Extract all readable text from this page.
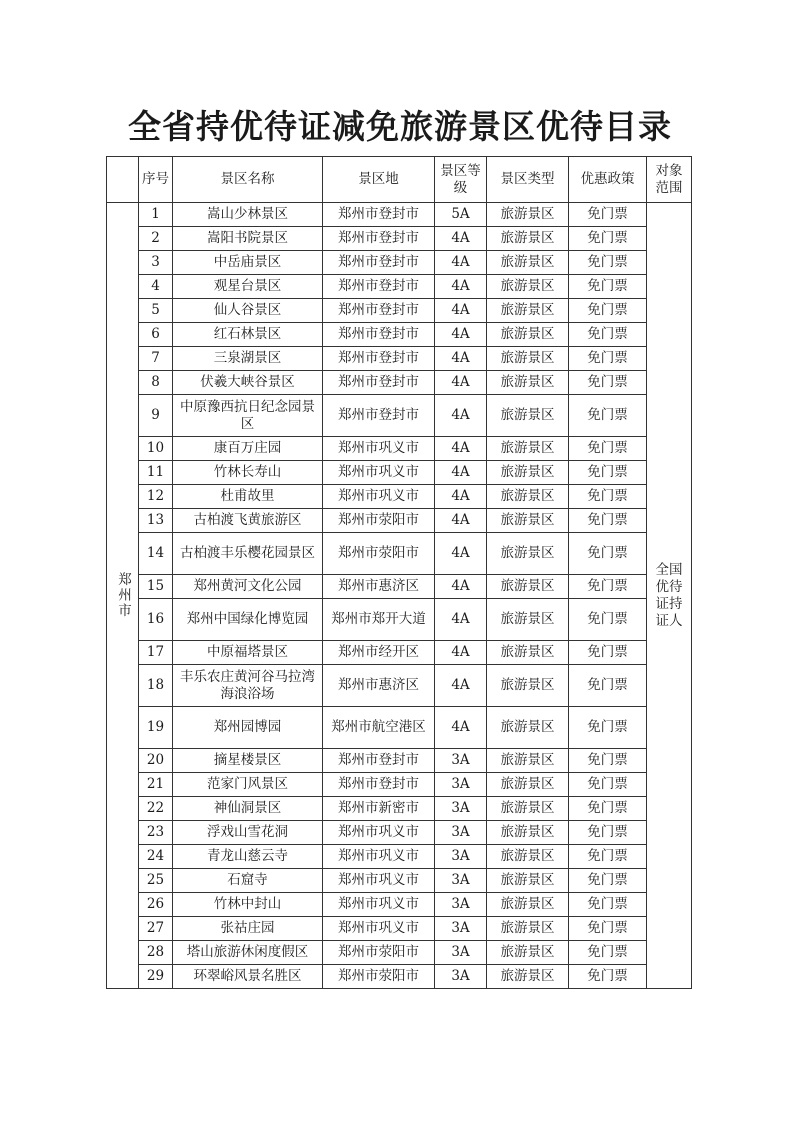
全省持优待证减免旅游景区优待目录
	序号	景区名称	景区地	景区等级	景区类型	优惠政策	对象范围
郑州市	1	嵩山少林景区	郑州市登封市	5A	旅游景区	免门票	全国优待证持证人
	2	嵩阳书院景区	郑州市登封市	4A	旅游景区	免门票	
	3	中岳庙景区	郑州市登封市	4A	旅游景区	免门票	
	4	观星台景区	郑州市登封市	4A	旅游景区	免门票	
	5	仙人谷景区	郑州市登封市	4A	旅游景区	免门票	
	6	红石林景区	郑州市登封市	4A	旅游景区	免门票	
	7	三泉湖景区	郑州市登封市	4A	旅游景区	免门票	
	8	伏羲大峡谷景区	郑州市登封市	4A	旅游景区	免门票	
	9	中原豫西抗日纪念园景区	郑州市登封市	4A	旅游景区	免门票	
	10	康百万庄园	郑州市巩义市	4A	旅游景区	免门票	
	11	竹林长寿山	郑州市巩义市	4A	旅游景区	免门票	
	12	杜甫故里	郑州市巩义市	4A	旅游景区	免门票	
	13	古柏渡飞黄旅游区	郑州市荥阳市	4A	旅游景区	免门票	
	14	古柏渡丰乐樱花园景区	郑州市荥阳市	4A	旅游景区	免门票	
	15	郑州黄河文化公园	郑州市惠济区	4A	旅游景区	免门票	
	16	郑州中国绿化博览园	郑州市郑开大道	4A	旅游景区	免门票	
	17	中原福塔景区	郑州市经开区	4A	旅游景区	免门票	
	18	丰乐农庄黄河谷马拉湾海浪浴场	郑州市惠济区	4A	旅游景区	免门票	
	19	郑州园博园	郑州市航空港区	4A	旅游景区	免门票	
	20	摘星楼景区	郑州市登封市	3A	旅游景区	免门票	
	21	范家门风景区	郑州市登封市	3A	旅游景区	免门票	
	22	神仙洞景区	郑州市新密市	3A	旅游景区	免门票	
	23	浮戏山雪花洞	郑州市巩义市	3A	旅游景区	免门票	
	24	青龙山慈云寺	郑州市巩义市	3A	旅游景区	免门票	
	25	石窟寺	郑州市巩义市	3A	旅游景区	免门票	
	26	竹林中封山	郑州市巩义市	3A	旅游景区	免门票	
	27	张祜庄园	郑州市巩义市	3A	旅游景区	免门票	
	28	塔山旅游休闲度假区	郑州市荥阳市	3A	旅游景区	免门票	
	29	环翠峪风景名胜区	郑州市荥阳市	3A	旅游景区	免门票	
